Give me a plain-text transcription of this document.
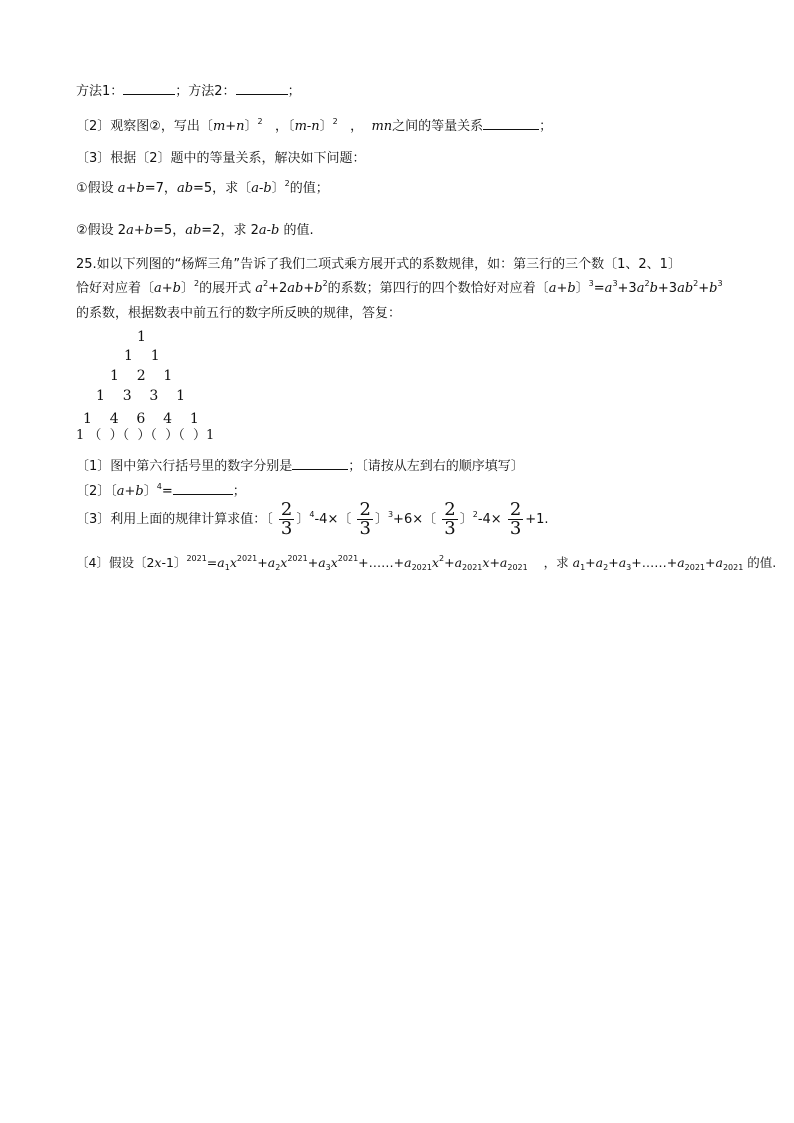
方法1：	；方法2：	；
〔2〕观察图②，写出〔m+n〕$^2$ ，〔m-n〕$^2$ ， mn之间的等量关系	；
〔3〕根据〔2〕题中的等量关系，解决如下问题：
①假设 a+b=7，ab=5，求〔a-b〕$^2$的值；
②假设 2a+b=5，ab=2，求 2a-b 的值.
25.如以下列图的“杨辉三角”告诉了我们二项式乘方展开式的系数规律，如：第三行的三个数〔1、2、1〕
恰好对应着〔a+b〕$^2$的展开式 $a^2+2ab+b^2$的系数；第四行的四个数恰好对应着〔a+b〕$^3=a^3+3a^2b+3ab^2+b^3$
的系数，根据数表中前五行的数字所反映的规律，答复：
1
1    1
1    2    1
1    3    3    1
1    4    6    4    1
1 （  ）（  ）（  ）（  ）1
〔1〕图中第六行括号里的数字分别是	；〔请按从左到右的顺序填写〕
〔2〕〔a+b〕$^4$=	；
〔3〕利用上面的规律计算求值：〔 $\frac{2}{3}$ 〕$^4$-4×〔 $\frac{2}{3}$ 〕$^3$+6×〔 $\frac{2}{3}$ 〕$^2-4\times \frac{2}{3} +1$.
〔4〕假设〔2x-1〕$^{2021}=a_1x^{2021}+a_2x^{2021}+a_3x^{2021}+\dots\dots+a_{2021}x^2+a_{2021}x+a_{2021}$ ，求 $a_1+a_2+a_3+\dots\dots+a_{2021}+a_{2021}$ 的值.
